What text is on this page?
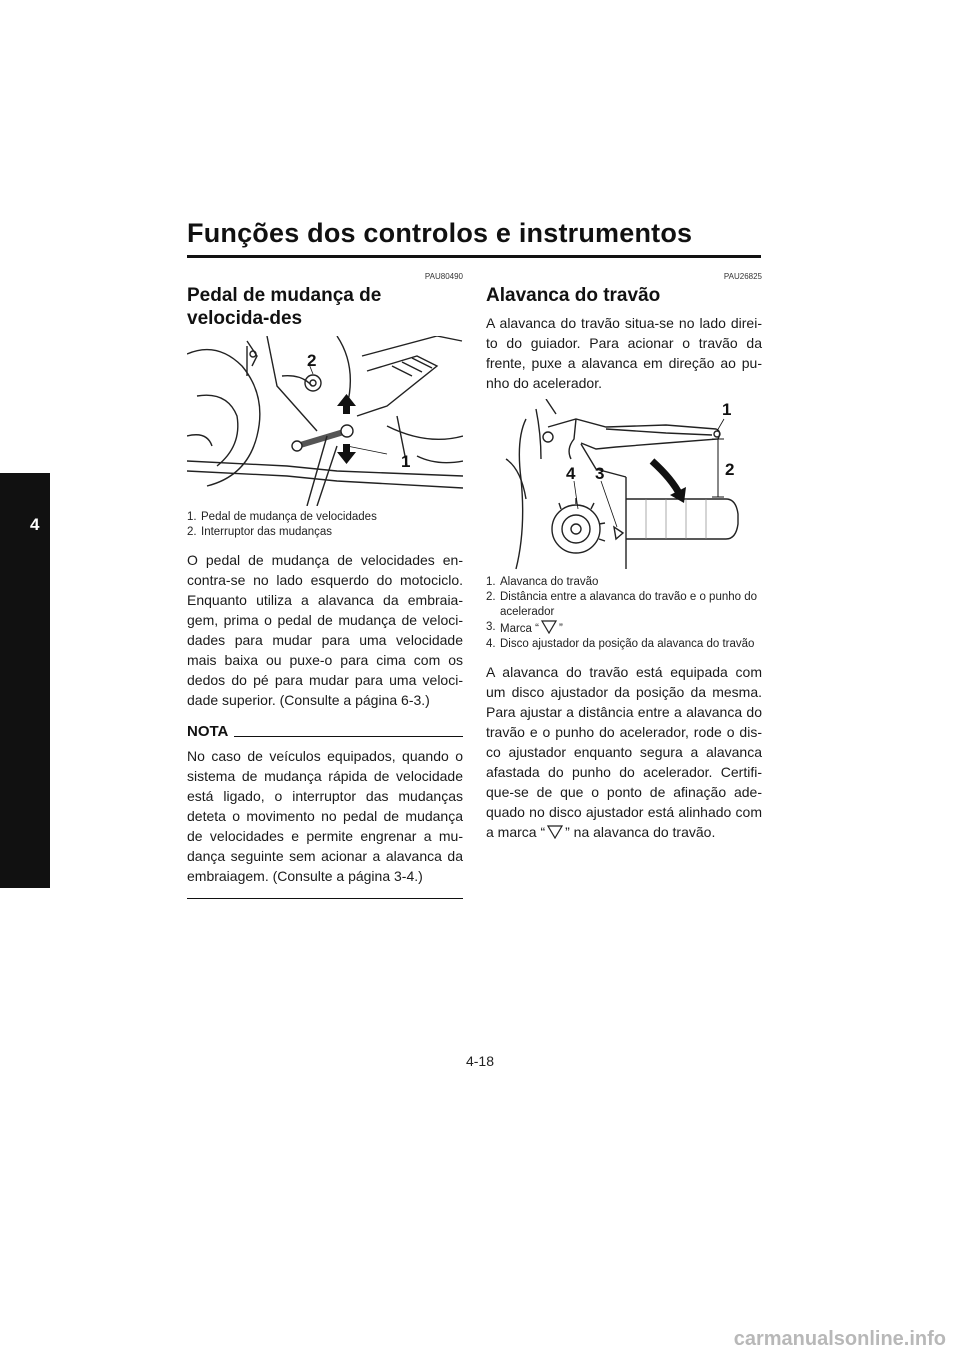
Funções dos controlos e instrumentos
4
PAU80490
Pedal de mudança de velocida-des
2
1
1. Pedal de mudança de velocidades
2. Interruptor das mudanças

O pedal de mudança de velocidades en-contra-se no lado esquerdo do motociclo. Enquanto utiliza a alavanca da embraia-gem, prima o pedal de mudança de veloci-dades para mudar para uma velocidade mais baixa ou puxe-o para cima com os dedos do pé para mudar para uma veloci-dade superior. (Consulte a página 6-3.)

NOTA

No caso de veículos equipados, quando o sistema de mudança rápida de velocidade está ligado, o interruptor das mudanças deteta o movimento no pedal de mudança de velocidades e permite engrenar a mu-dança seguinte sem acionar a alavanca da embraiagem. (Consulte a página 3-4.)

PAU26825
Alavanca do travão

A alavanca do travão situa-se no lado direi-to do guiador. Para acionar o travão da frente, puxe a alavanca em direção ao pu-nho do acelerador.

1
2
3
4
1. Alavanca do travão
2. Distância entre a alavanca do travão e o punho do acelerador
3. Marca “ ”
4. Disco ajustador da posição da alavanca do travão

A alavanca do travão está equipada com um disco ajustador da posição da mesma. Para ajustar a distância entre a alavanca do travão e o punho do acelerador, rode o dis-co ajustador enquanto segura a alavanca afastada do punho do acelerador. Certifi-que-se de que o ponto de afinação ade-quado no disco ajustador está alinhado com a marca “ ” na alavanca do travão.

4-18
carmanualsonline.info
